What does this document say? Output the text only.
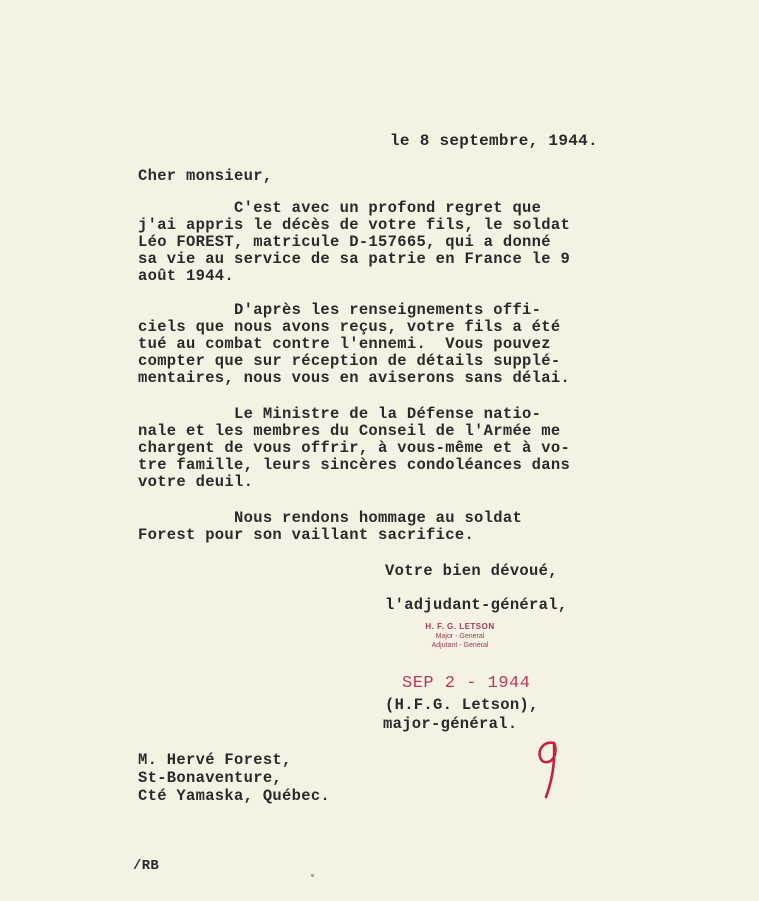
le 8 septembre, 1944.
Cher monsieur,
C'est avec un profond regret que
j'ai appris le décès de votre fils, le soldat
Léo FOREST, matricule D-157665, qui a donné
sa vie au service de sa patrie en France le 9
août 1944.
D'après les renseignements offi-
ciels que nous avons reçus, votre fils a été
tué au combat contre l'ennemi.  Vous pouvez
compter que sur réception de détails supplé-
mentaires, nous vous en aviserons sans délai.
Le Ministre de la Défense natio-
nale et les membres du Conseil de l'Armée me
chargent de vous offrir, à vous-même et à vo-
tre famille, leurs sincères condoléances dans
votre deuil.
Nous rendons hommage au soldat
Forest pour son vaillant sacrifice.
Votre bien dévoué,
l'adjudant-général,
H. F. G. LETSON
Major - General
Adjutant - General
SEP 2 - 1944
(H.F.G. Letson),
major-général.
M. Hervé Forest,
St-Bonaventure,
Cté Yamaska, Québec.
/RB
